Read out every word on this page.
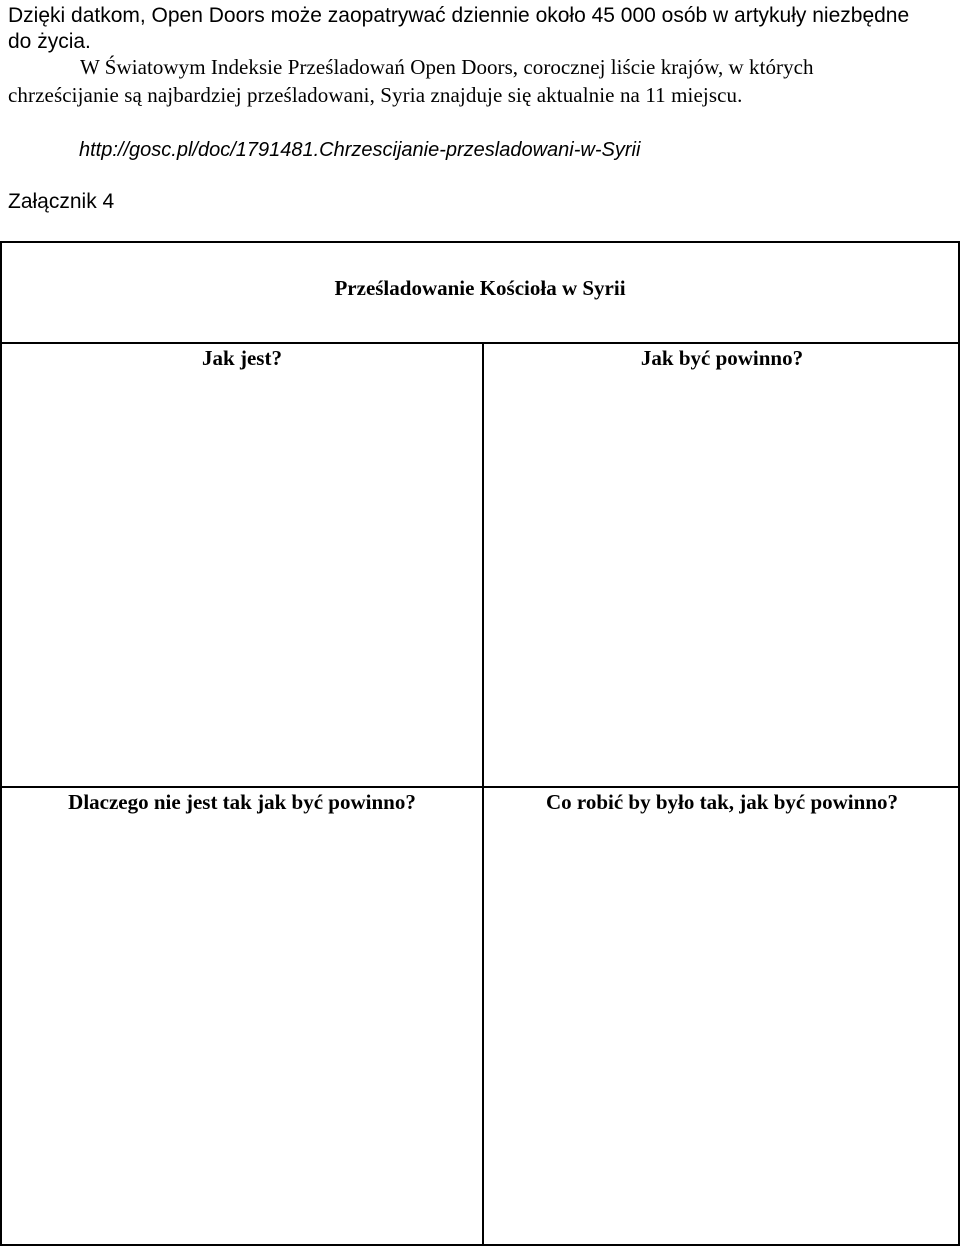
Dzięki datkom, Open Doors może zaopatrywać dziennie około 45 000 osób w artykuły niezbędne
do życia.
W Światowym Indeksie Prześladowań Open Doors, corocznej liście krajów, w których
chrześcijanie są najbardziej prześladowani, Syria znajduje się aktualnie na 11 miejscu.
http://gosc.pl/doc/1791481.Chrzescijanie-przesladowani-w-Syrii
Załącznik 4
Prześladowanie Kościoła w Syrii
Jak jest?	Jak być powinno?
Dlaczego nie jest tak jak być powinno?	Co robić by było tak, jak być powinno?
